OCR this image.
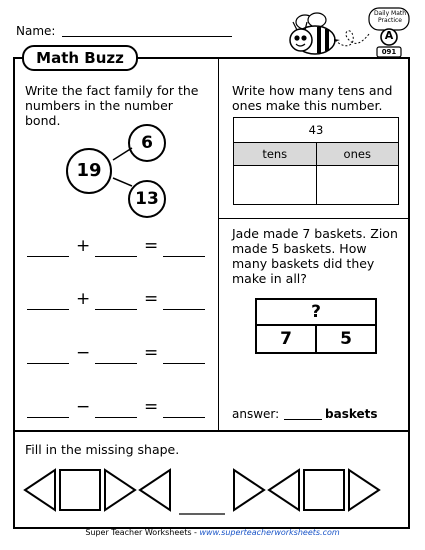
Name:
Daily Math Practice
A
091
Math Buzz
Write the fact family for the numbers in the number bond.
19
6
13
+	=
+	=
−	=
−	=
Write how many tens and ones make this number.
43	
tens	ones

Jade made 7 baskets. Zion made 5 baskets. How many baskets did they make in all?
?
7	5
answer:	baskets
Fill in the missing shape.
Super Teacher Worksheets - www.superteacherworksheets.com
